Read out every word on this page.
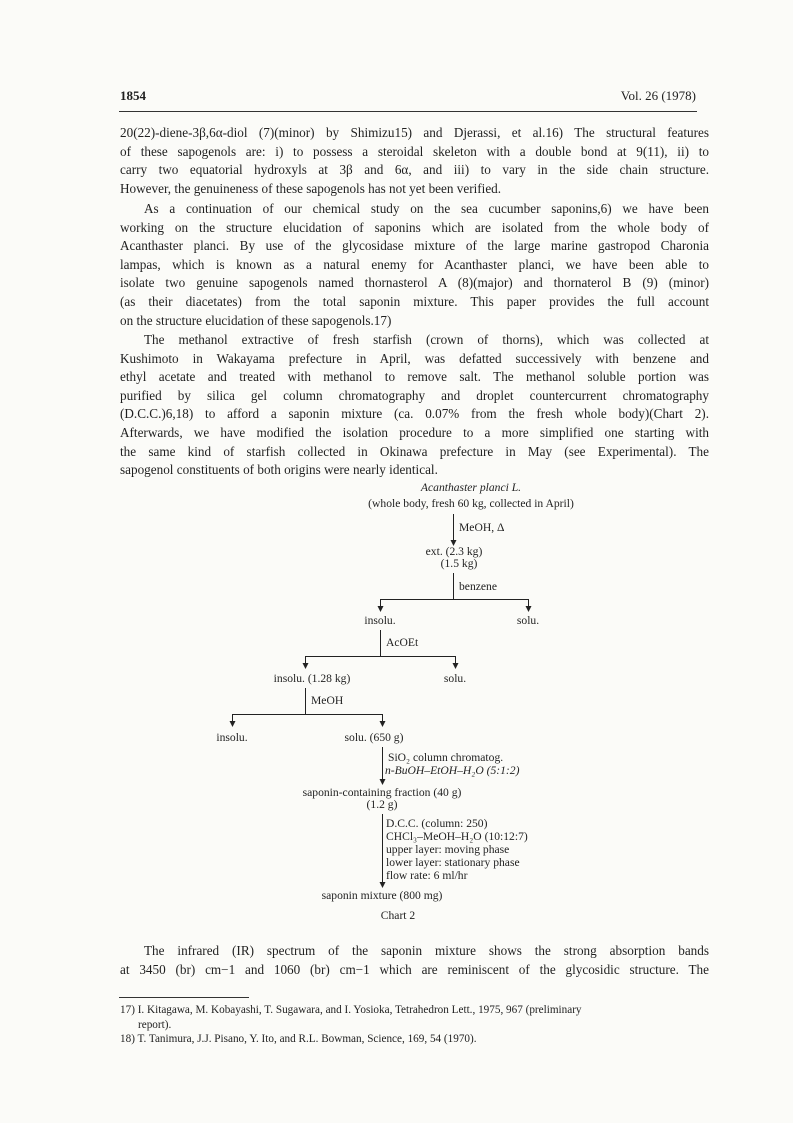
1854	Vol. 26 (1978)
20(22)-diene-3β,6α-diol (7)(minor) by Shimizu15) and Djerassi, et al.16) The structural features
of these sapogenols are: i) to possess a steroidal skeleton with a double bond at 9(11), ii) to
carry two equatorial hydroxyls at 3β and 6α, and iii) to vary in the side chain structure.
However, the genuineness of these sapogenols has not yet been verified.
As a continuation of our chemical study on the sea cucumber saponins,6) we have been
working on the structure elucidation of saponins which are isolated from the whole body of
Acanthaster planci. By use of the glycosidase mixture of the large marine gastropod Charonia
lampas, which is known as a natural enemy for Acanthaster planci, we have been able to
isolate two genuine sapogenols named thornasterol A (8)(major) and thornaterol B (9) (minor)
(as their diacetates) from the total saponin mixture. This paper provides the full account
on the structure elucidation of these sapogenols.17)
The methanol extractive of fresh starfish (crown of thorns), which was collected at
Kushimoto in Wakayama prefecture in April, was defatted successively with benzene and
ethyl acetate and treated with methanol to remove salt. The methanol soluble portion was
purified by silica gel column chromatography and droplet countercurrent chromatography
(D.C.C.)6,18) to afford a saponin mixture (ca. 0.07% from the fresh whole body)(Chart 2).
Afterwards, we have modified the isolation procedure to a more simplified one starting with
the same kind of starfish collected in Okinawa prefecture in May (see Experimental). The
sapogenol constituents of both origins were nearly identical.
Acanthaster planci L.
(whole body, fresh 60 kg, collected in April)
MeOH, Δ
ext. (2.3 kg)
(1.5 kg)
benzene
insolu.	solu.
AcOEt
insolu. (1.28 kg)	solu.
MeOH
insolu.	solu. (650 g)
SiO₂ column chromatog.
n-BuOH–EtOH–H₂O (5:1:2)
saponin-containing fraction (40 g)
(1.2 g)
D.C.C. (column: 250)
CHCl₃–MeOH–H₂O (10:12:7)
upper layer: moving phase
lower layer: stationary phase
flow rate: 6 ml/hr
saponin mixture (800 mg)
Chart 2
The infrared (IR) spectrum of the saponin mixture shows the strong absorption bands
at 3450 (br) cm−1 and 1060 (br) cm−1 which are reminiscent of the glycosidic structure. The
17) I. Kitagawa, M. Kobayashi, T. Sugawara, and I. Yosioka, Tetrahedron Lett., 1975, 967 (preliminary
report).
18) T. Tanimura, J.J. Pisano, Y. Ito, and R.L. Bowman, Science, 169, 54 (1970).
